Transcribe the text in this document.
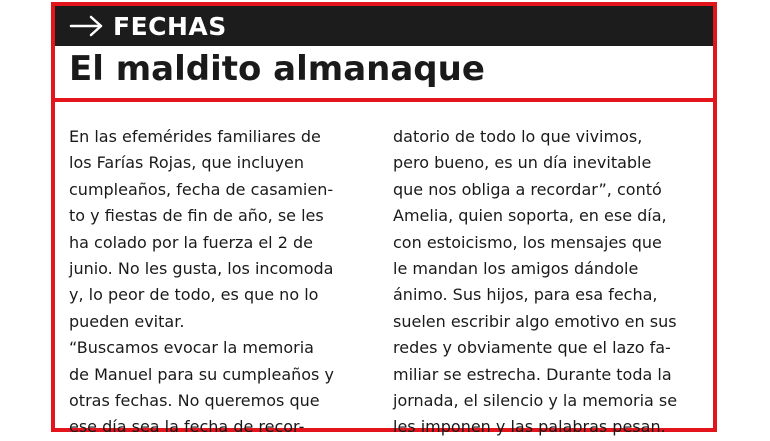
FECHAS
El maldito almanaque
En las efemérides familiares de
los Farías Rojas, que incluyen
cumpleaños, fecha de casamien-
to y fiestas de fin de año, se les
ha colado por la fuerza el 2 de
junio. No les gusta, los incomoda
y, lo peor de todo, es que no lo
pueden evitar.
“Buscamos evocar la memoria
de Manuel para su cumpleaños y
otras fechas. No queremos que
ese día sea la fecha de recor-
datorio de todo lo que vivimos,
pero bueno, es un día inevitable
que nos obliga a recordar”, contó
Amelia, quien soporta, en ese día,
con estoicismo, los mensajes que
le mandan los amigos dándole
ánimo. Sus hijos, para esa fecha,
suelen escribir algo emotivo en sus
redes y obviamente que el lazo fa-
miliar se estrecha. Durante toda la
jornada, el silencio y la memoria se
les imponen y las palabras pesan.
